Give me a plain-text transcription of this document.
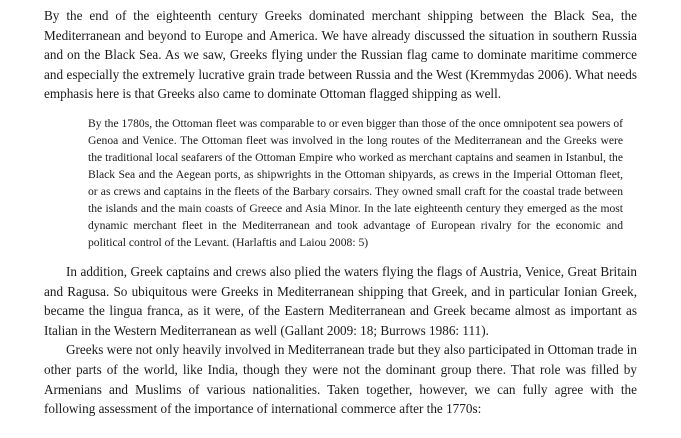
By the end of the eighteenth century Greeks dominated merchant shipping between the Black Sea, the Mediterranean and beyond to Europe and America. We have already discussed the situation in southern Russia and on the Black Sea. As we saw, Greeks flying under the Russian flag came to dominate maritime commerce and especially the extremely lucrative grain trade between Russia and the West (Kremmydas 2006). What needs emphasis here is that Greeks also came to dominate Ottoman flagged shipping as well.

By the 1780s, the Ottoman fleet was comparable to or even bigger than those of the once omnipotent sea powers of Genoa and Venice. The Ottoman fleet was involved in the long routes of the Mediterranean and the Greeks were the traditional local seafarers of the Ottoman Empire who worked as merchant captains and seamen in Istanbul, the Black Sea and the Aegean ports, as shipwrights in the Ottoman shipyards, as crews in the Imperial Ottoman fleet, or as crews and captains in the fleets of the Barbary corsairs. They owned small craft for the coastal trade between the islands and the main coasts of Greece and Asia Minor. In the late eighteenth century they emerged as the most dynamic merchant fleet in the Mediterranean and took advantage of European rivalry for the economic and political control of the Levant. (Harlaftis and Laiou 2008: 5)

In addition, Greek captains and crews also plied the waters flying the flags of Austria, Venice, Great Britain and Ragusa. So ubiquitous were Greeks in Mediterranean shipping that Greek, and in particular Ionian Greek, became the lingua franca, as it were, of the Eastern Mediterranean and Greek became almost as important as Italian in the Western Mediterranean as well (Gallant 2009: 18; Burrows 1986: 111).

Greeks were not only heavily involved in Mediterranean trade but they also participated in Ottoman trade in other parts of the world, like India, though they were not the dominant group there. That role was filled by Armenians and Muslims of various nationalities. Taken together, however, we can fully agree with the following assessment of the importance of international commerce after the 1770s:
